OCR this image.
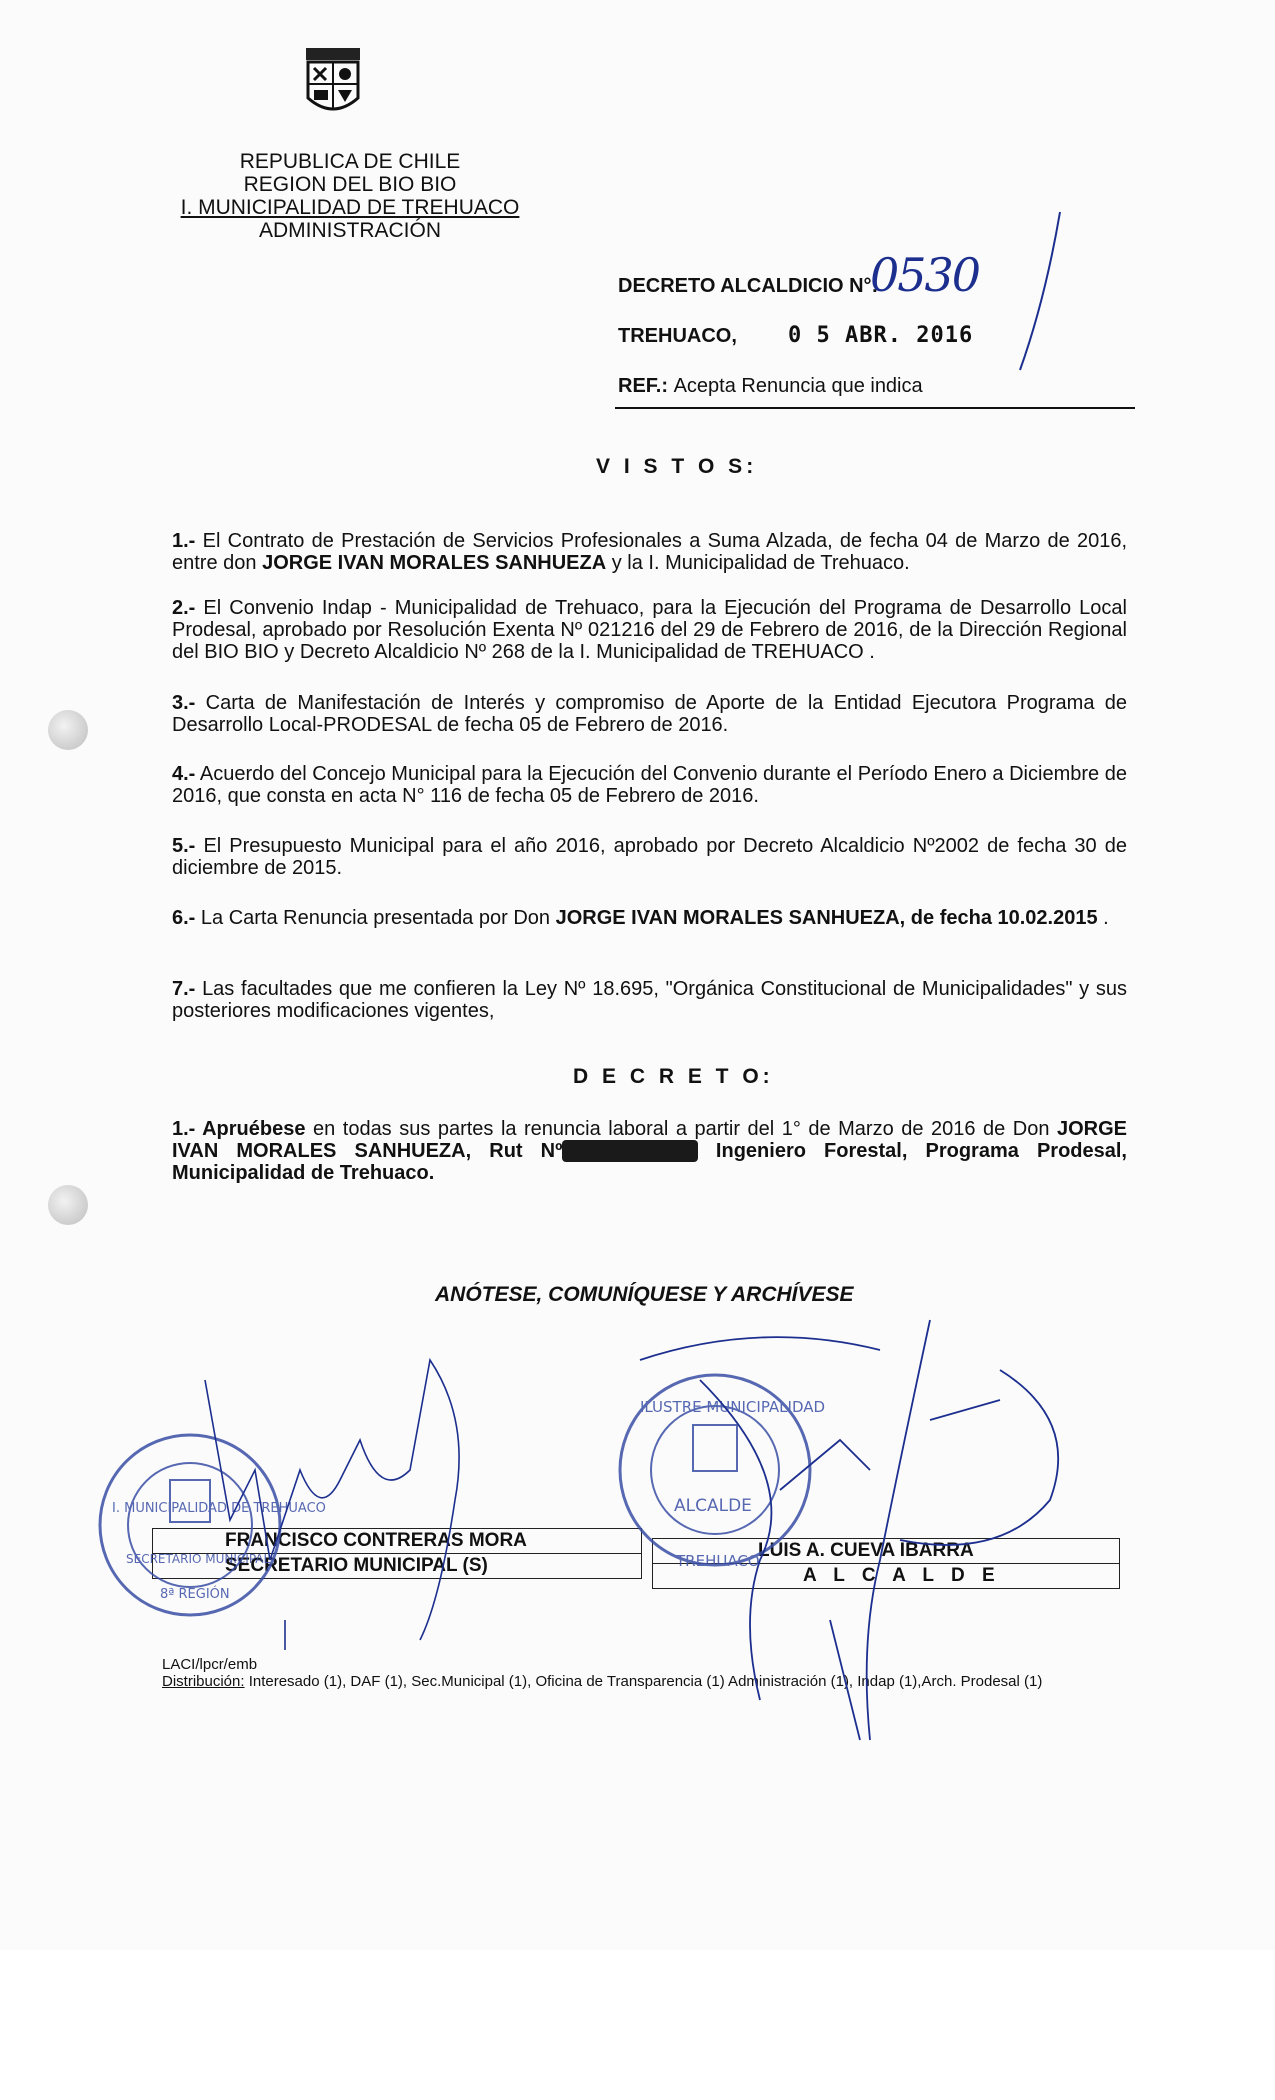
REPUBLICA DE CHILE
REGION DEL BIO BIO
I. MUNICIPALIDAD DE TREHUACO
ADMINISTRACIÓN
DECRETO ALCALDICIO N°:
0530
TREHUACO, 0 5 ABR. 2016
REF.: Acepta Renuncia que indica
V I S T O S:
1.- El Contrato de Prestación de Servicios Profesionales a Suma Alzada, de fecha 04 de Marzo de 2016, entre don JORGE IVAN MORALES SANHUEZA y la I. Municipalidad de Trehuaco.
2.- El Convenio Indap - Municipalidad de Trehuaco, para la Ejecución del Programa de Desarrollo Local Prodesal, aprobado por Resolución Exenta Nº 021216 del 29 de Febrero de 2016, de la Dirección Regional del BIO BIO y Decreto Alcaldicio Nº 268 de la I. Municipalidad de TREHUACO .
3.- Carta de Manifestación de Interés y compromiso de Aporte de la Entidad Ejecutora Programa de Desarrollo Local-PRODESAL de fecha 05 de Febrero de 2016.
4.- Acuerdo del Concejo Municipal para la Ejecución del Convenio durante el Período Enero a Diciembre de 2016, que consta en acta N° 116 de fecha 05 de Febrero de 2016.
5.- El Presupuesto Municipal para el año 2016, aprobado por Decreto Alcaldicio Nº2002 de fecha 30 de diciembre de 2015.
6.- La Carta Renuncia presentada por Don JORGE IVAN MORALES SANHUEZA, de fecha 10.02.2015 .
7.- Las facultades que me confieren la Ley Nº 18.695, "Orgánica Constitucional de Municipalidades" y sus posteriores modificaciones vigentes,
D E C R E T O:
1.- Apruébese en todas sus partes la renuncia laboral a partir del 1° de Marzo de 2016 de Don JORGE IVAN MORALES SANHUEZA, Rut Nº 13.972.541-7, Ingeniero Forestal, Programa Prodesal, Municipalidad de Trehuaco.
ANÓTESE, COMUNÍQUESE Y ARCHÍVESE
FRANCISCO CONTRERAS MORA
SECRETARIO MUNICIPAL (S)
LUIS A. CUEVA IBARRA
A L C A L D E
LACI/lpcr/emb
Distribución: Interesado (1), DAF (1), Sec.Municipal (1), Oficina de Transparencia (1) Administración (1), Indap (1),Arch. Prodesal (1)
I. MUNICIPALIDAD DE TREHUACO
SECRETARIO MUNICIPAL
8ª REGIÓN
ILUSTRE MUNICIPALIDAD
ALCALDE
TREHUACO
